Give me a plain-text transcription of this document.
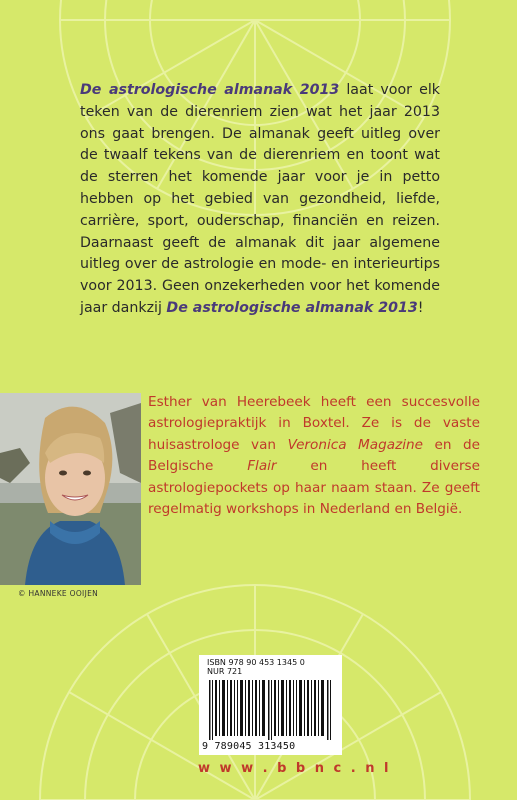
De astrologische almanak 2013 laat voor elk teken van de dierenriem zien wat het jaar 2013 ons gaat brengen. De almanak geeft uitleg over de twaalf tekens van de dierenriem en toont wat de sterren het komende jaar voor je in petto hebben op het gebied van gezondheid, liefde, carrière, sport, ouderschap, financiën en reizen. Daarnaast geeft de almanak dit jaar algemene uitleg over de astrologie en mode- en interieurtips voor 2013. Geen onzekerheden voor het komende jaar dankzij De astrologische almanak 2013!
© HANNEKE OOIJEN
Esther van Heerebeek heeft een succesvolle astrologiepraktijk in Boxtel. Ze is de vaste huisastrologe van Veronica Magazine en de Belgische Flair en heeft diverse astrologiepockets op haar naam staan. Ze geeft regelmatig workshops in Nederland en België.
ISBN 978 90 453 1345 0
NUR 721
9 789045 313450
w w w . b b n c . n l
